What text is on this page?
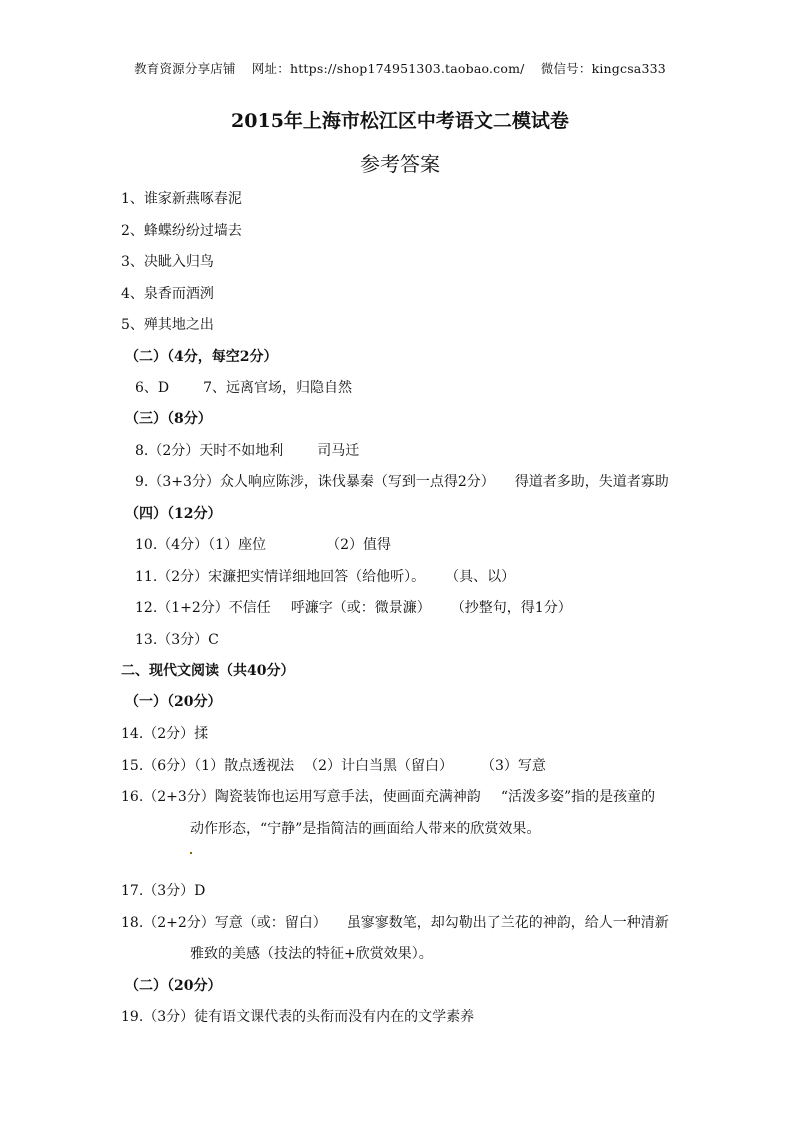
教育资源分享店铺 网址：https://shop174951303.taobao.com/ 微信号：kingcsa333
2015年上海市松江区中考语文二模试卷
参考答案
1、谁家新燕啄春泥
2、蜂蝶纷纷过墙去
3、决眦入归鸟
4、泉香而酒洌
5、殚其地之出
（二）（4分，每空2分）
6、D 7、远离官场，归隐自然
（三）（8分）
8.（2分）天时不如地利 司马迁
9.（3+3分）众人响应陈涉，诛伐暴秦（写到一点得2分） 得道者多助，失道者寡助
（四）（12分）
10.（4分）（1）座位	（2）值得
11.（2分）宋濂把实情详细地回答（给他听）。 （具、以）
12.（1+2分）不信任 呼濂字（或：微景濂） （抄整句，得1分）
13.（3分）C
二、现代文阅读（共40分）
（一）（20分）
14.（2分）揉
15.（6分）（1）散点透视法 （2）计白当黑（留白） （3）写意
16.（2+3分）陶瓷装饰也运用写意手法，使画面充满神韵 “活泼多姿”指的是孩童的
动作形态，“宁静”是指简洁的画面给人带来的欣赏效果。
17.（3分）D
18.（2+2分）写意（或：留白） 虽寥寥数笔，却勾勒出了兰花的神韵，给人一种清新
雅致的美感（技法的特征+欣赏效果）。
（二）（20分）
19.（3分）徒有语文课代表的头衔而没有内在的文学素养
